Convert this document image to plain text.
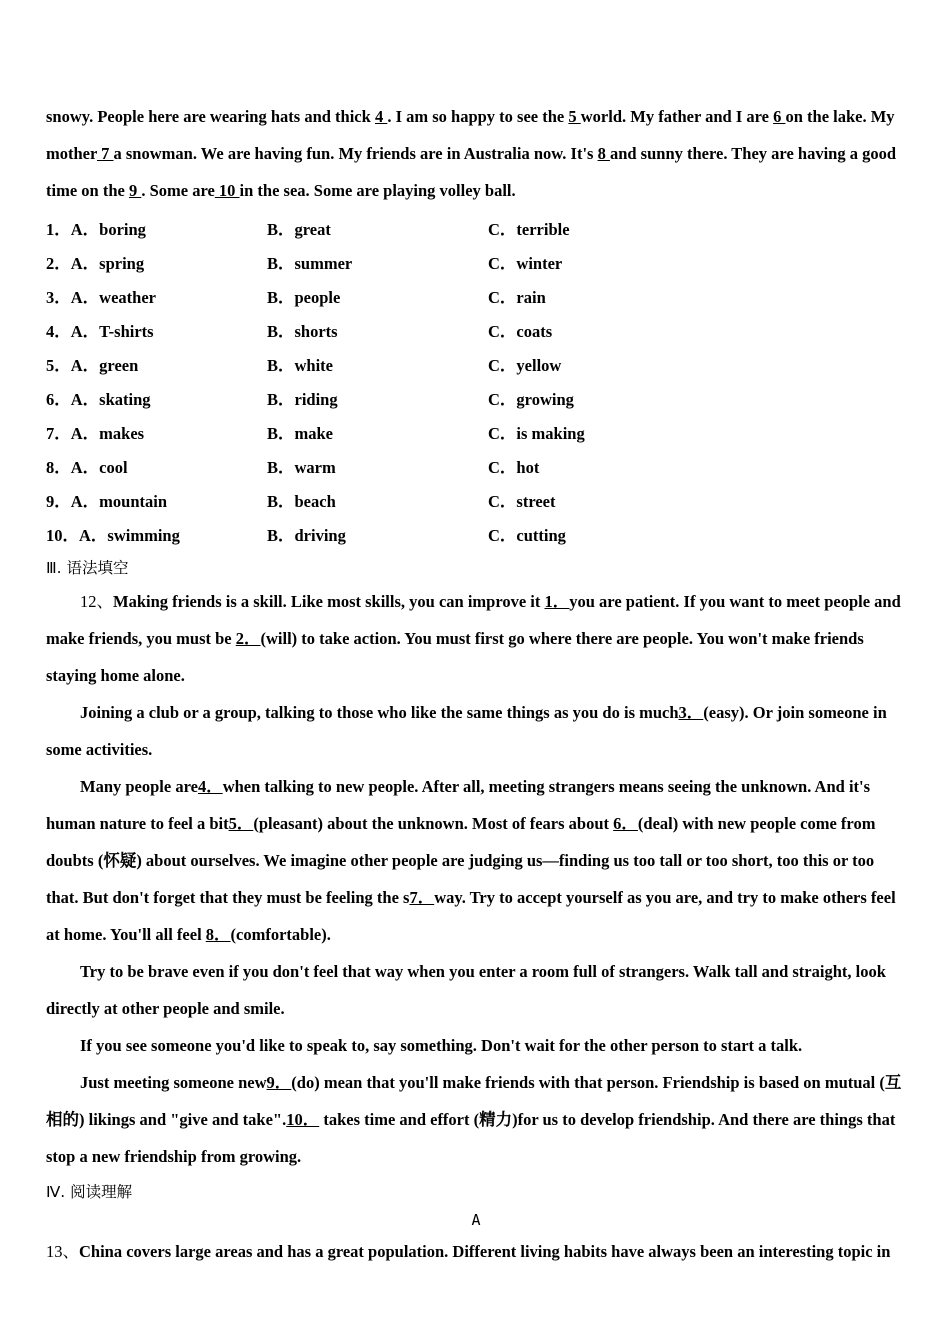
snowy. People here are wearing hats and thick 4 . I am so happy to see the 5 world. My father and I are 6 on the lake. My mother 7 a snowman. We are having fun. My friends are in Australia now. It's 8 and sunny there. They are having a good time on the 9 . Some are 10 in the sea. Some are playing volley ball.

1．A．boring	B．great	C．terrible
2．A．spring	B．summer	C．winter
3．A．weather	B．people	C．rain
4．A．T-shirts	B．shorts	C．coats
5．A．green	B．white	C．yellow
6．A．skating	B．riding	C．growing
7．A．makes	B．make	C．is making
8．A．cool	B．warm	C．hot
9．A．mountain	B．beach	C．street
10．A．swimming	B．driving	C．cutting

Ⅲ. 语法填空

12、Making friends is a skill. Like most skills, you can improve it 1．you are patient. If you want to meet people and make friends, you must be 2．(will) to take action. You must first go where there are people. You won't make friends staying home alone.

Joining a club or a group, talking to those who like the same things as you do is much3．(easy). Or join someone in some activities.

Many people are4．when talking to new people. After all, meeting strangers means seeing the unknown. And it's human nature to feel a bit5．(pleasant) about the unknown. Most of fears about 6．(deal) with new people come from doubts (怀疑) about ourselves. We imagine other people are judging us—finding us too tall or too short, too this or too that. But don't forget that they must be feeling the s7．way. Try to accept yourself as you are, and try to make others feel at home. You'll all feel 8．(comfortable).

Try to be brave even if you don't feel that way when you enter a room full of strangers. Walk tall and straight, look directly at other people and smile.

If you see someone you'd like to speak to, say something. Don't wait for the other person to start a talk.

Just meeting someone new9．(do) mean that you'll make friends with that person. Friendship is based on mutual (互相的) likings and "give and take".10． takes time and effort (精力)for us to develop friendship. And there are things that stop a new friendship from growing.

Ⅳ. 阅读理解

A

13、China covers large areas and has a great population. Different living habits have always been an interesting topic in
